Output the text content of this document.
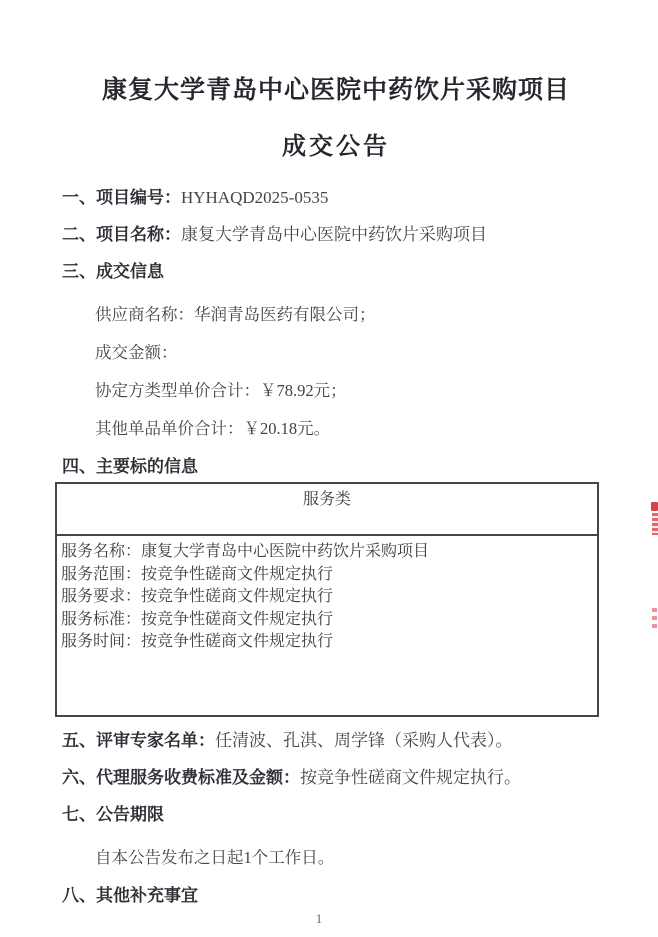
康复大学青岛中心医院中药饮片采购项目
成交公告
一、项目编号：HYHAQD2025-0535
二、项目名称：康复大学青岛中心医院中药饮片采购项目
三、成交信息
供应商名称：华润青岛医药有限公司；
成交金额：
协定方类型单价合计：￥78.92元；
其他单品单价合计：￥20.18元。
四、主要标的信息
服务类
服务名称：康复大学青岛中心医院中药饮片采购项目
服务范围：按竞争性磋商文件规定执行
服务要求：按竞争性磋商文件规定执行
服务标准：按竞争性磋商文件规定执行
服务时间：按竞争性磋商文件规定执行
五、评审专家名单：任清波、孔淇、周学锋（采购人代表）。
六、代理服务收费标准及金额：按竞争性磋商文件规定执行。
七、公告期限
自本公告发布之日起1个工作日。
八、其他补充事宜
1
